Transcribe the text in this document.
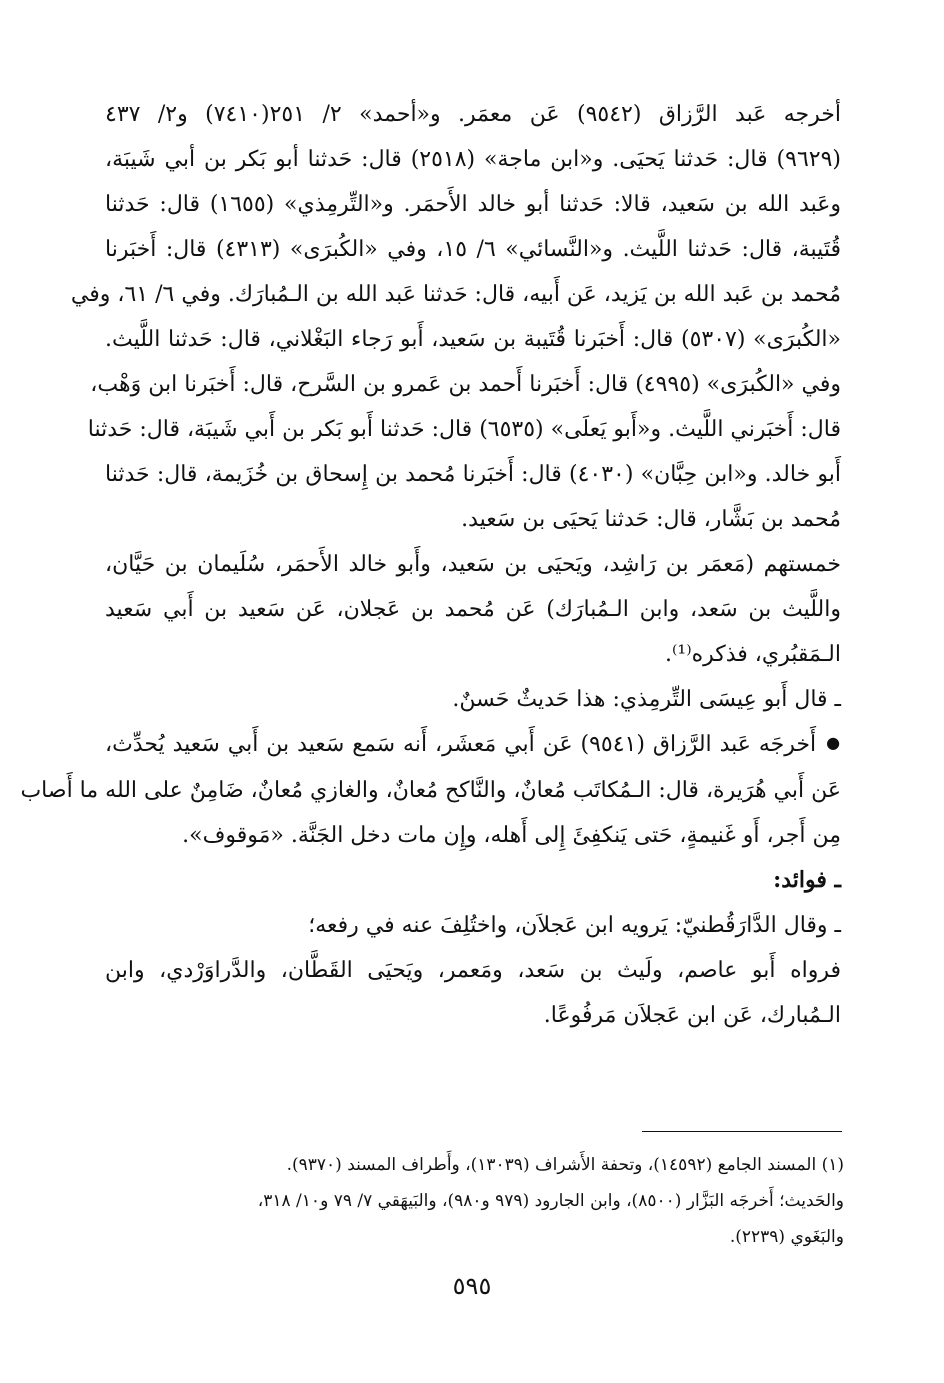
أخرجه عَبد الرَّزاق (٩٥٤٢) عَن معمَر. و«أحمد» ٢/ ٢٥١(٧٤١٠) و٢/ ٤٣٧
(٩٦٢٩) قال: حَدثنا يَحيَى. و«ابن ماجة» (٢٥١٨) قال: حَدثنا أبو بَكر بن أبي شَيبَة،
وعَبد الله بن سَعيد، قالا: حَدثنا أبو خالد الأَحمَر. و«التِّرمِذي» (١٦٥٥) قال: حَدثنا
قُتَيبة، قال: حَدثنا اللَّيث. و«النَّسائي» ٦/ ١٥، وفي «الكُبرَى» (٤٣١٣) قال: أَخبَرنا
مُحمد بن عَبد الله بن يَزيد، عَن أَبيه، قال: حَدثنا عَبد الله بن الـمُبارَك. وفي ٦/ ٦١، وفي
«الكُبرَى» (٥٣٠٧) قال: أَخبَرنا قُتَيبة بن سَعيد، أَبو رَجاء البَغْلاني، قال: حَدثنا اللَّيث.
وفي «الكُبرَى» (٤٩٩٥) قال: أَخبَرنا أَحمد بن عَمرو بن السَّرح، قال: أَخبَرنا ابن وَهْب،
قال: أَخبَرني اللَّيث. و«أَبو يَعلَى» (٦٥٣٥) قال: حَدثنا أَبو بَكر بن أَبي شَيبَة، قال: حَدثنا
أَبو خالد. و«ابن حِبَّان» (٤٠٣٠) قال: أَخبَرنا مُحمد بن إِسحاق بن خُزَيمة، قال: حَدثنا
مُحمد بن بَشَّار، قال: حَدثنا يَحيَى بن سَعيد.

خمستهم (مَعمَر بن رَاشِد، ويَحيَى بن سَعيد، وأَبو خالد الأَحمَر، سُلَيمان بن حَيَّان،
واللَّيث بن سَعد، وابن الـمُبارَك) عَن مُحمد بن عَجلان، عَن سَعيد بن أَبي سَعيد
الـمَقبُري، فذكره⁽¹⁾.

ـ قال أَبو عِيسَى التِّرمِذي: هذا حَديثٌ حَسنٌ.

●أَخرجَه عَبد الرَّزاق (٩٥٤١) عَن أَبي مَعشَر، أَنه سَمع سَعيد بن أَبي سَعيد يُحدِّث،
عَن أَبي هُرَيرة، قال: الـمُكاتَب مُعانٌ، والنَّاكح مُعانٌ، والغازي مُعانٌ، ضَامِنٌ على الله ما أَصاب
مِن أَجر، أَو غَنيمةٍ، حَتى يَنكفِئَ إِلى أَهله، وإِن مات دخل الجَنَّة. «مَوقوف».

ـ فوائد:
ـ وقال الدَّارَقُطنيّ: يَرويه ابن عَجلاَن، واختُلِفَ عنه في رفعه؛

فرواه أَبو عاصم، ولَيث بن سَعد، ومَعمر، ويَحيَى القَطَّان، والدَّراوَرْدي، وابن
الـمُبارك، عَن ابن عَجلاَن مَرفُوعًا.

(١) المسند الجامع (١٤٥٩٢)، وتحفة الأَشراف (١٣٠٣٩)، وأَطراف المسند (٩٣٧٠).
والحَديث؛ أَخرجَه البَزَّار (٨٥٠٠)، وابن الجارود (٩٧٩ و٩٨٠)، والبَيهَقي ٧/ ٧٩ و١٠/ ٣١٨،
والبَغَوي (٢٢٣٩).
٥٩٥
